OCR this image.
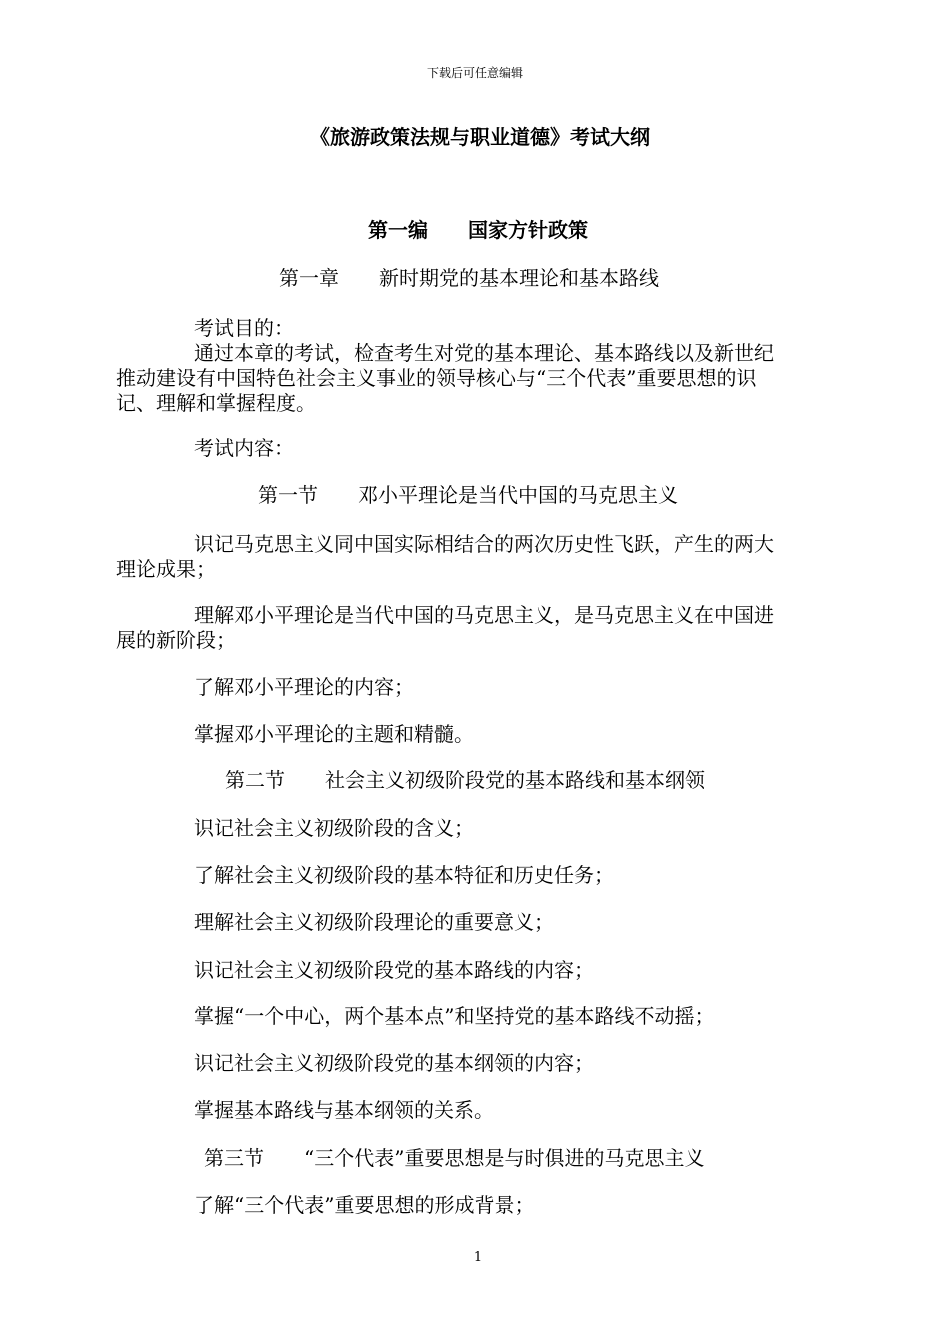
下载后可任意编辑
《旅游政策法规与职业道德》考试大纲
第一编　　国家方针政策
第一章　　新时期党的基本理论和基本路线
考试目的：
通过本章的考试，检查考生对党的基本理论、基本路线以及新世纪
推动建设有中国特色社会主义事业的领导核心与“三个代表”重要思想的识
记、理解和掌握程度。
考试内容：
第一节　　邓小平理论是当代中国的马克思主义
识记马克思主义同中国实际相结合的两次历史性飞跃，产生的两大
理论成果；
理解邓小平理论是当代中国的马克思主义，是马克思主义在中国进
展的新阶段；
了解邓小平理论的内容；
掌握邓小平理论的主题和精髓。
第二节　　社会主义初级阶段党的基本路线和基本纲领
识记社会主义初级阶段的含义；
了解社会主义初级阶段的基本特征和历史任务；
理解社会主义初级阶段理论的重要意义；
识记社会主义初级阶段党的基本路线的内容；
掌握“一个中心，两个基本点”和坚持党的基本路线不动摇；
识记社会主义初级阶段党的基本纲领的内容；
掌握基本路线与基本纲领的关系。
第三节　　“三个代表”重要思想是与时俱进的马克思主义
了解“三个代表”重要思想的形成背景；
1
